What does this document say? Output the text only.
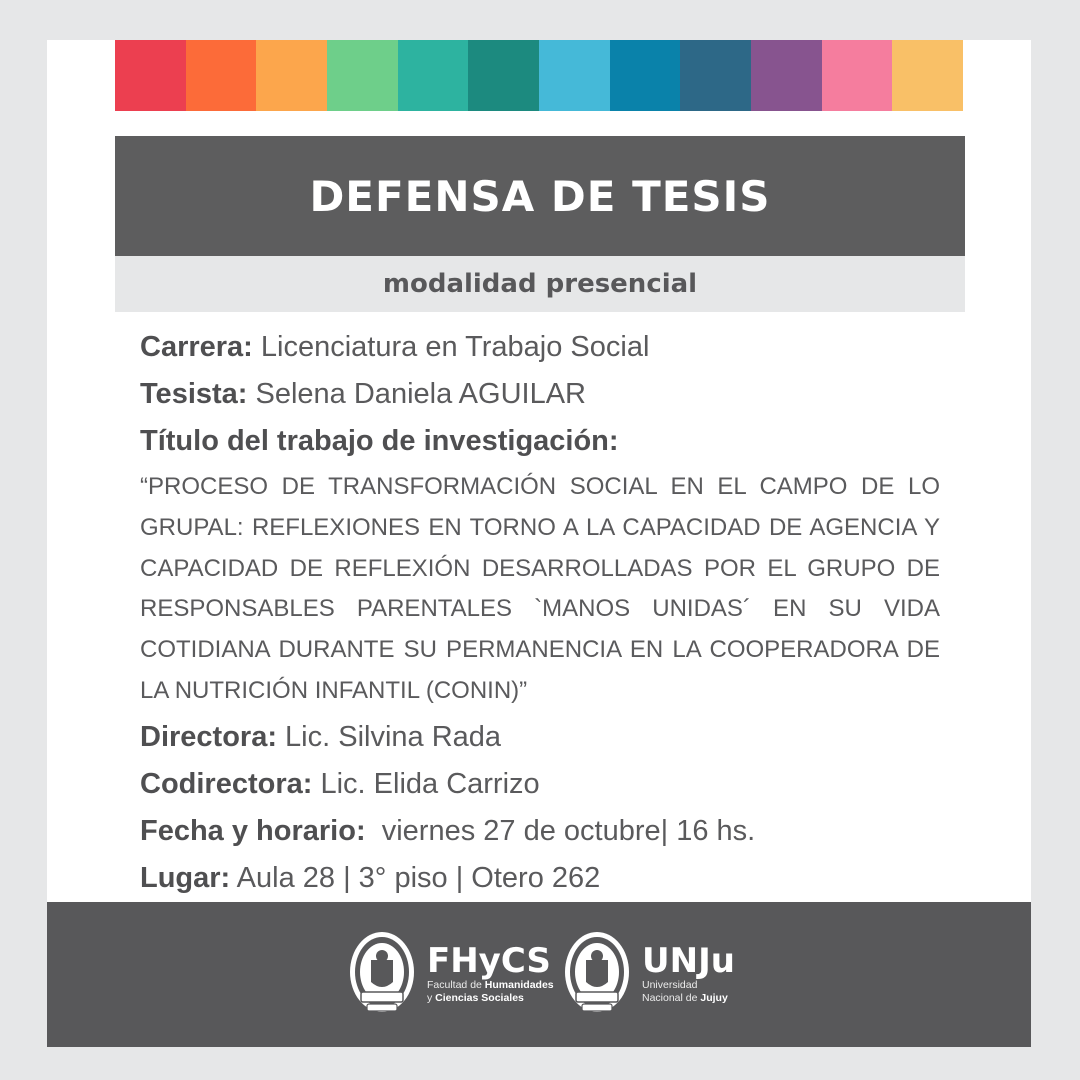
DEFENSA DE TESIS
modalidad presencial
Carrera: Licenciatura en Trabajo Social
Tesista: Selena Daniela AGUILAR
Título del trabajo de investigación:
“PROCESO DE TRANSFORMACIÓN SOCIAL EN EL CAMPO DE LO GRUPAL: REFLEXIONES EN TORNO A LA CAPACIDAD DE AGENCIA Y CAPACIDAD DE REFLEXIÓN DESARROLLADAS POR EL GRUPO DE RESPONSABLES PARENTALES `MANOS UNIDAS´ EN SU VIDA COTIDIANA DURANTE SU PERMANENCIA EN LA COOPERADORA DE LA NUTRICIÓN INFANTIL (CONIN)”
Directora: Lic. Silvina Rada
Codirectora: Lic. Elida Carrizo
Fecha y horario:  viernes 27 de octubre| 16 hs.
Lugar: Aula 28 | 3° piso | Otero 262
FHyCS
Facultad de Humanidades
y Ciencias Sociales
UNJu
Universidad
Nacional de Jujuy
